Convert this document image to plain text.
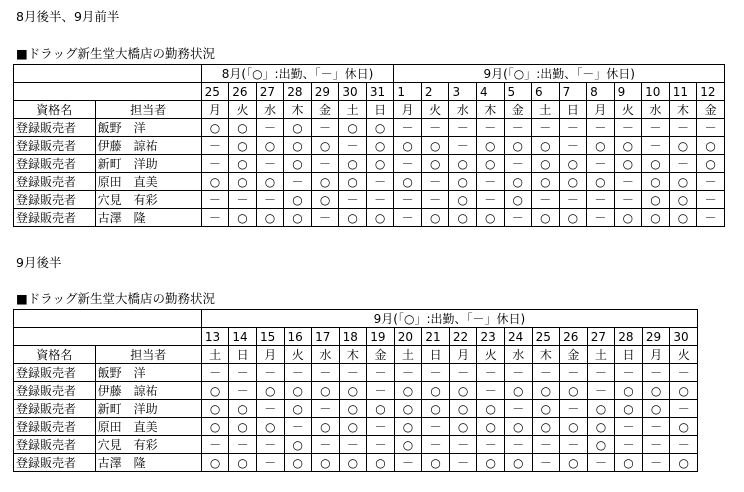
8月後半、9月前半
■ドラッグ新生堂大橋店の勤務状況

		8月(「○」:出勤、「－」休日)							9月(「○」:出勤、「－」休日)											
		25	26	27	28	29	30	31	1	2	3	4	5	6	7	8	9	10	11	12
資格名	担当者	月	火	水	木	金	土	日	月	火	水	木	金	土	日	月	火	水	木	金
登録販売者	飯野　洋	○	○	－	○	－	○	○	－	－	－	－	－	－	－	－	－	－	－	－
登録販売者	伊藤　諒祐	－	○	○	○	○	－	○	○	○	－	○	○	○	－	○	○	－	○	○
登録販売者	新町　洋助	－	○	－	○	－	○	○	－	○	○	○	－	○	○	－	○	○	－	○
登録販売者	原田　直美	○	○	○	－	○	○	－	○	－	○	－	○	○	○	○	－	○	○	－
登録販売者	穴見　有彩	－	－	－	○	○	－	－	－	－	○	－	○	－	－	－	－	○	○	－
登録販売者	古澤　隆	－	○	○	○	－	○	○	－	○	○	○	－	○	○	－	○	○	○	－
9月後半
■ドラッグ新生堂大橋店の勤務状況

		9月(「○」:出勤、「－」休日)																	
		13	14	15	16	17	18	19	20	21	22	23	24	25	26	27	28	29	30
資格名	担当者	土	日	月	火	水	木	金	土	日	月	火	水	木	金	土	日	月	火
登録販売者	飯野　洋	－	－	－	－	－	－	－	－	－	－	－	－	－	－	－	－	－	－
登録販売者	伊藤　諒祐	○	－	○	○	○	○	－	○	○	○	－	○	○	○	－	○	○	○
登録販売者	新町　洋助	○	○	－	○	－	○	○	○	○	○	○	－	○	－	○	○	○	－
登録販売者	原田　直美	○	○	○	－	○	○	－	○	－	○	○	○	○	○	○	－	－	○
登録販売者	穴見　有彩	－	－	－	○	－	－	－	○	－	－	－	－	－	－	○	－	－	－
登録販売者	古澤　隆	○	○	－	○	○	○	○	－	○	－	○	○	－	○	－	○	－	○
